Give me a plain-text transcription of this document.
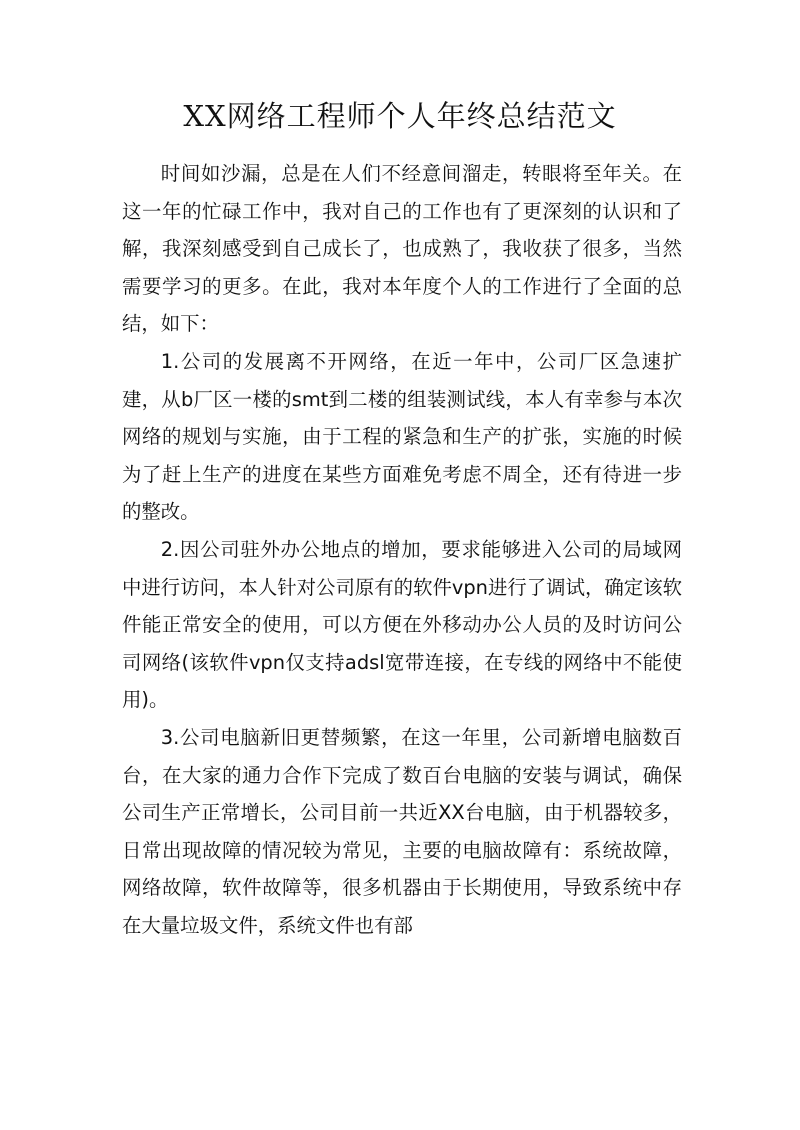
XX网络工程师个人年终总结范文

时间如沙漏，总是在人们不经意间溜走，转眼将至年关。在这一年的忙碌工作中，我对自己的工作也有了更深刻的认识和了解，我深刻感受到自己成长了，也成熟了，我收获了很多，当然需要学习的更多。在此，我对本年度个人的工作进行了全面的总结，如下：

1.公司的发展离不开网络，在近一年中，公司厂区急速扩建，从b厂区一楼的smt到二楼的组装测试线，本人有幸参与本次网络的规划与实施，由于工程的紧急和生产的扩张，实施的时候为了赶上生产的进度在某些方面难免考虑不周全，还有待进一步的整改。

2.因公司驻外办公地点的增加，要求能够进入公司的局域网中进行访问，本人针对公司原有的软件vpn进行了调试，确定该软件能正常安全的使用，可以方便在外移动办公人员的及时访问公司网络(该软件vpn仅支持adsl宽带连接，在专线的网络中不能使用)。

3.公司电脑新旧更替频繁，在这一年里，公司新增电脑数百台，在大家的通力合作下完成了数百台电脑的安装与调试，确保公司生产正常增长，公司目前一共近XX台电脑，由于机器较多，日常出现故障的情况较为常见，主要的电脑故障有：系统故障，网络故障，软件故障等，很多机器由于长期使用，导致系统中存在大量垃圾文件，系统文件也有部
